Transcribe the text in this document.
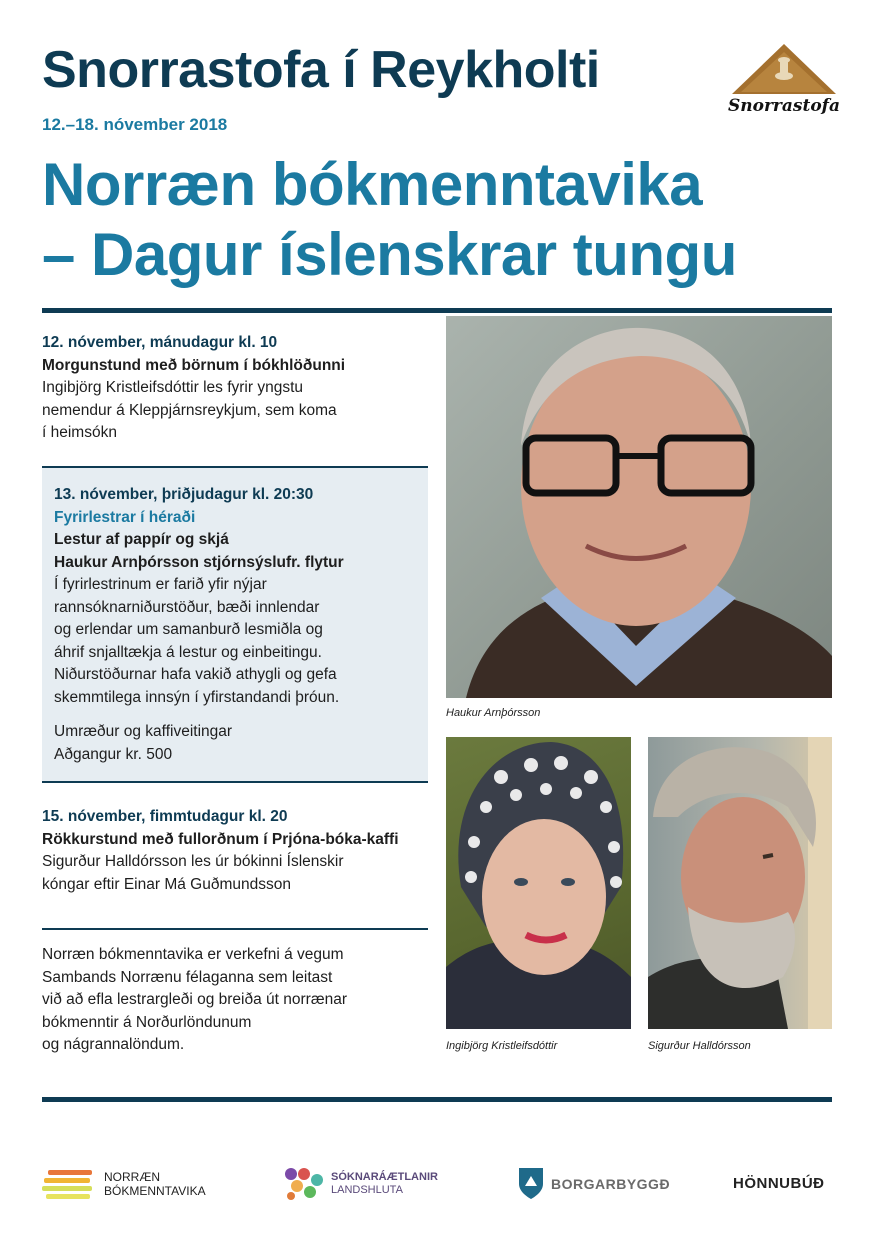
Snorrastofa í Reykholti
12.–18. nóvember 2018
Norræn bókmenntavika
– Dagur íslenskrar tungu
Snorrastofa

12. nóvember, mánudagur kl. 10

Morgunstund með börnum í bókhlöðunni

Ingibjörg Kristleifsdóttir les fyrir yngstu

nemendur á Kleppjárnsreykjum, sem koma

í heimsókn

13. nóvember, þriðjudagur kl. 20:30

Fyrirlestrar í héraði

Lestur af pappír og skjá

Haukur Arnþórsson stjórnsýslufr. flytur

Í fyrirlestrinum er farið yfir nýjar

rannsóknarniðurstöður, bæði innlendar

og erlendar um samanburð lesmiðla og

áhrif snjalltækja á lestur og einbeitingu.

Niðurstöðurnar hafa vakið athygli og gefa

skemmtilega innsýn í yfirstandandi þróun.

Umræður og kaffiveitingar

Aðgangur kr. 500

15. nóvember, fimmtudagur kl. 20

Rökkurstund með fullorðnum í Prjóna-bóka-kaffi

Sigurður Halldórsson les úr bókinni Íslenskir

kóngar eftir Einar Má Guðmundsson

Norræn bókmenntavika er verkefni á vegum

Sambands Norrænu félaganna sem leitast

við að efla lestrargleði og breiða út norrænar

bókmenntir á Norðurlöndunum

og nágrannalöndum.

Haukur Arnþórsson
Ingibjörg Kristleifsdóttir	Sigurður Halldórsson
NORRÆN
BÓKMENNTAVIKA
SÓKNARÁÆTLANIR
LANDSHLUTA	BORGARBYGGÐ	HÖNNUBÚÐ
